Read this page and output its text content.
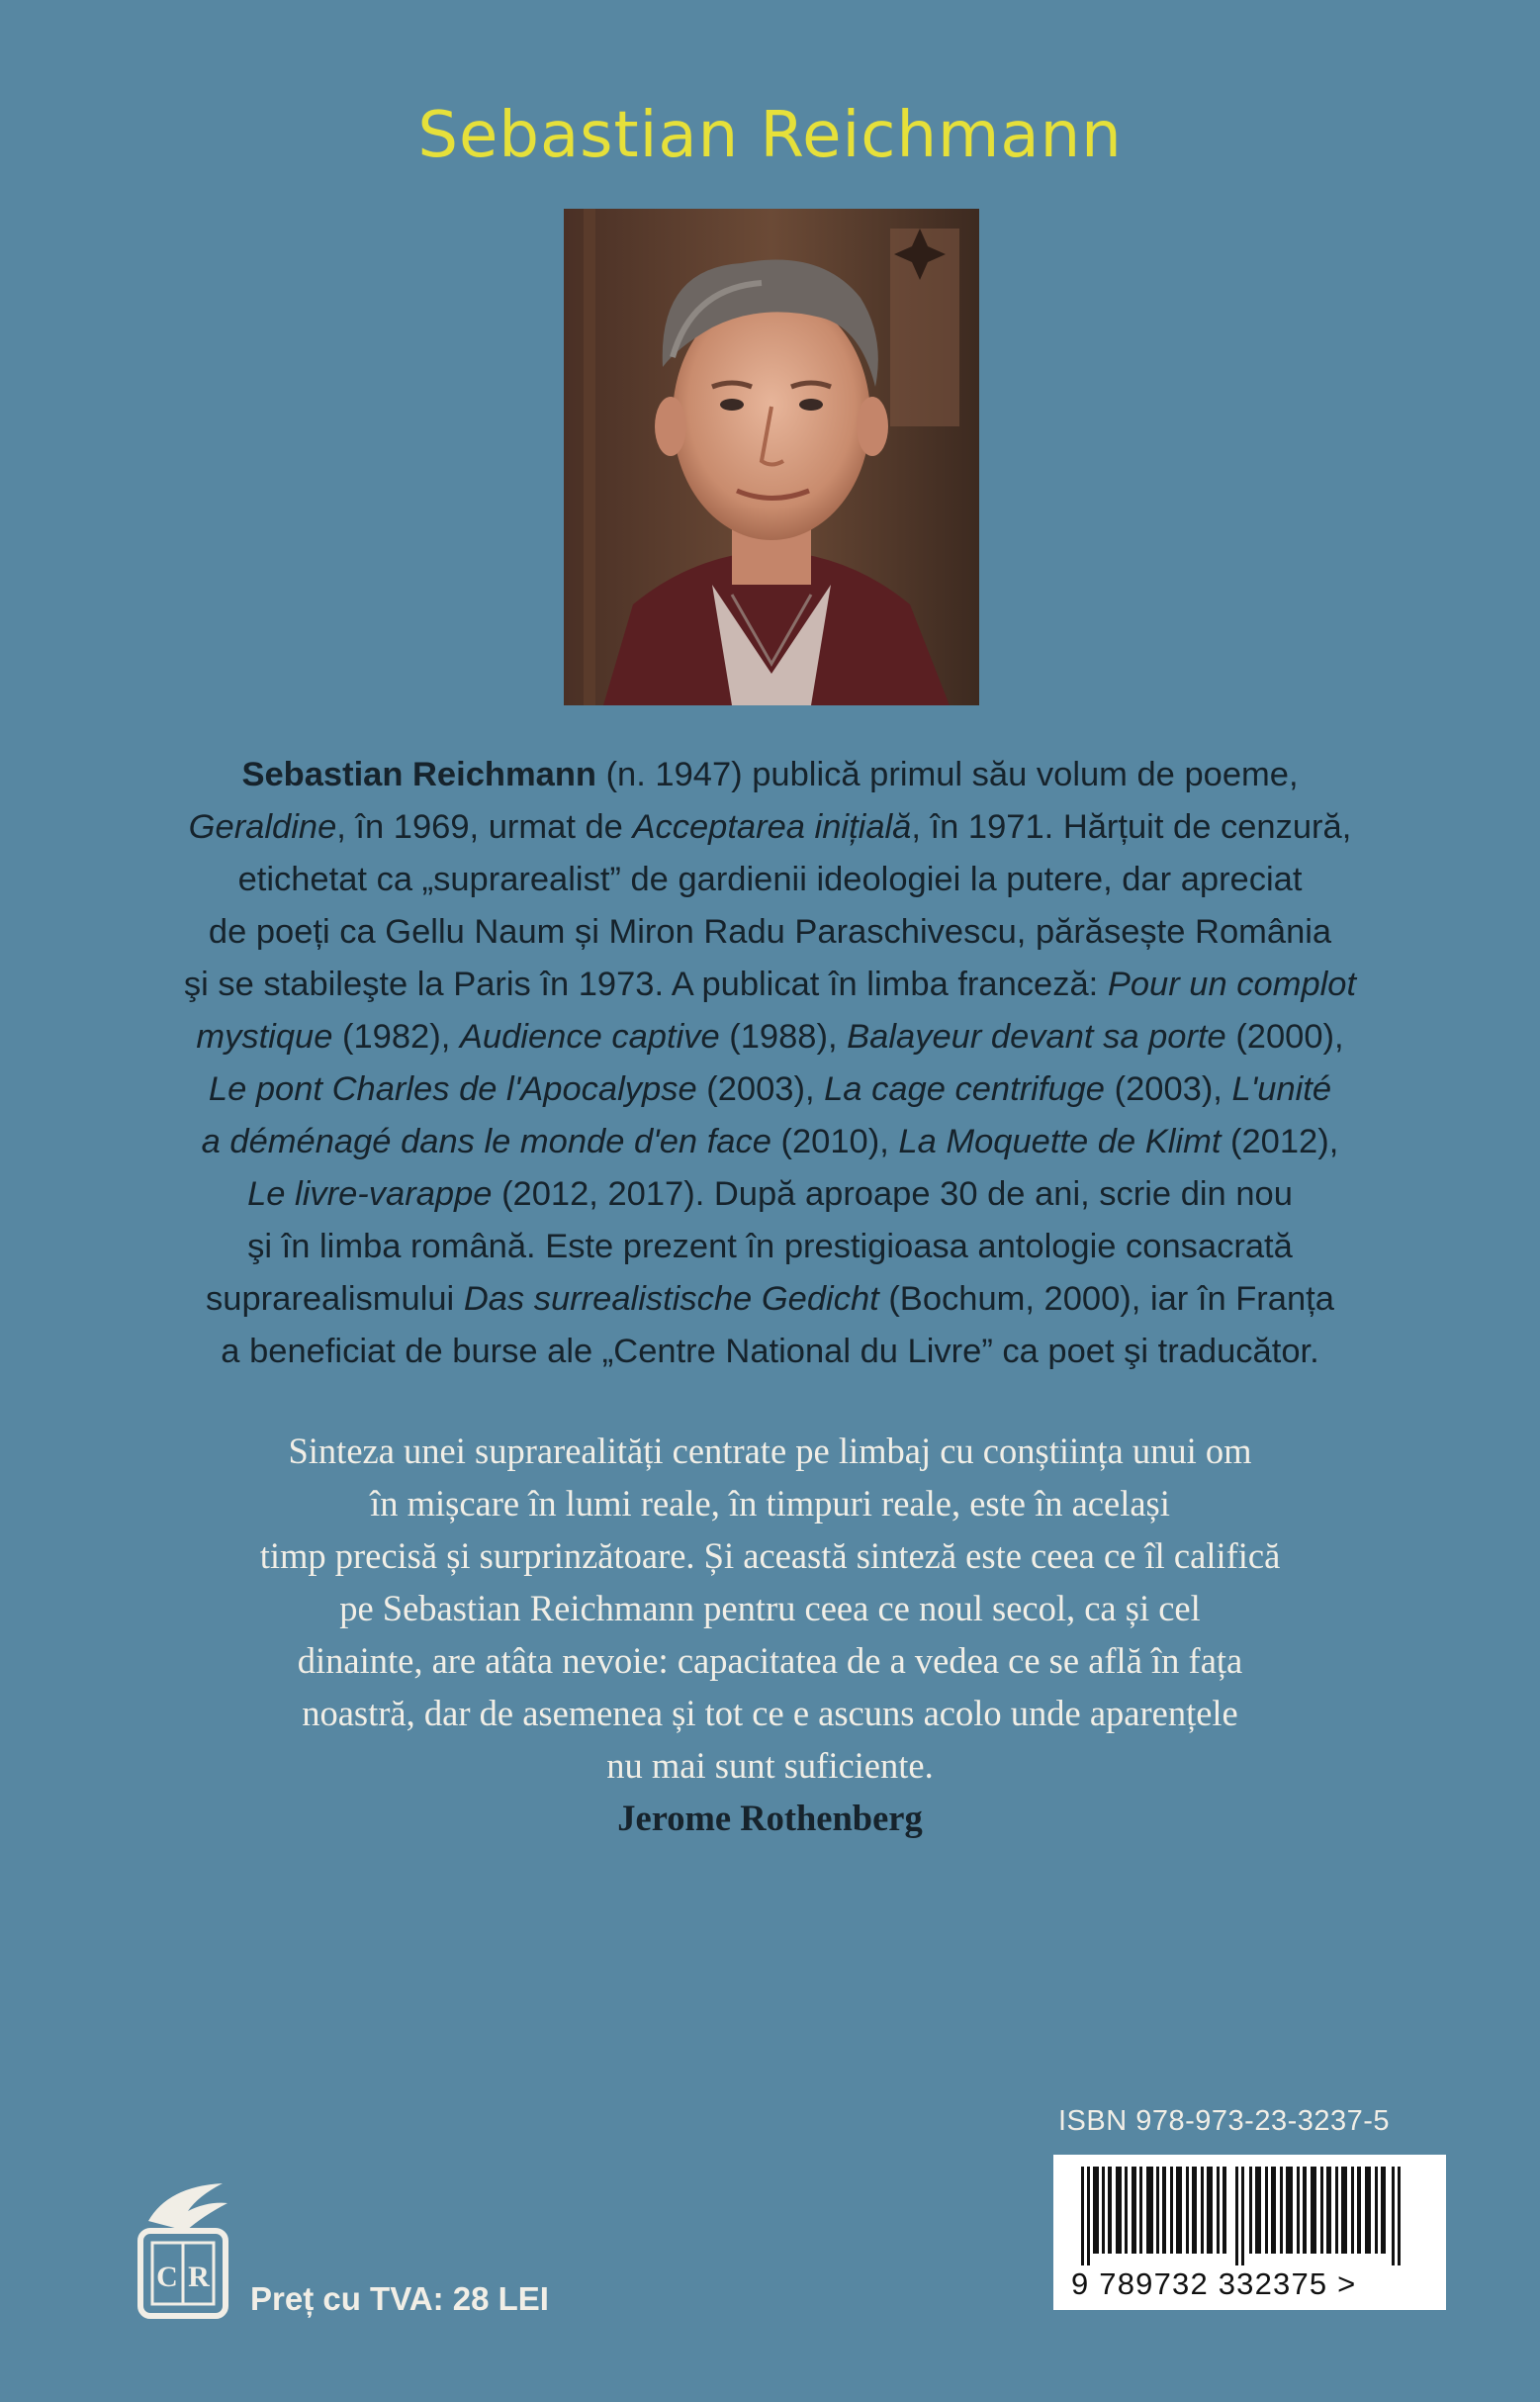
Sebastian Reichmann
Sebastian Reichmann (n. 1947) publică primul său volum de poeme,
Geraldine, în 1969, urmat de Acceptarea inițială, în 1971. Hărțuit de cenzură,
etichetat ca „suprarealist” de gardienii ideologiei la putere, dar apreciat
de poeți ca Gellu Naum și Miron Radu Paraschivescu, părăsește România
şi se stabileşte la Paris în 1973. A publicat în limba franceză: Pour un complot
mystique (1982), Audience captive (1988), Balayeur devant sa porte (2000),
Le pont Charles de l'Apocalypse (2003), La cage centrifuge (2003), L'unité
a déménagé dans le monde d'en face (2010), La Moquette de Klimt (2012),
Le livre-varappe (2012, 2017). După aproape 30 de ani, scrie din nou
şi în limba română. Este prezent în prestigioasa antologie consacrată
suprarealismului Das surrealistische Gedicht (Bochum, 2000), iar în Franța
a beneficiat de burse ale „Centre National du Livre” ca poet şi traducător.
Sinteza unei suprarealități centrate pe limbaj cu conștiința unui om
în mișcare în lumi reale, în timpuri reale, este în același
timp precisă și surprinzătoare. Și această sinteză este ceea ce îl califică
pe Sebastian Reichmann pentru ceea ce noul secol, ca și cel
dinainte, are atâta nevoie: capacitatea de a vedea ce se află în fața
noastră, dar de asemenea și tot ce e ascuns acolo unde aparențele
nu mai sunt suficiente.
Jerome Rothenberg
ISBN 978-973-23-3237-5
9 789732 332375 >
C R
Preț cu TVA: 28 LEI
